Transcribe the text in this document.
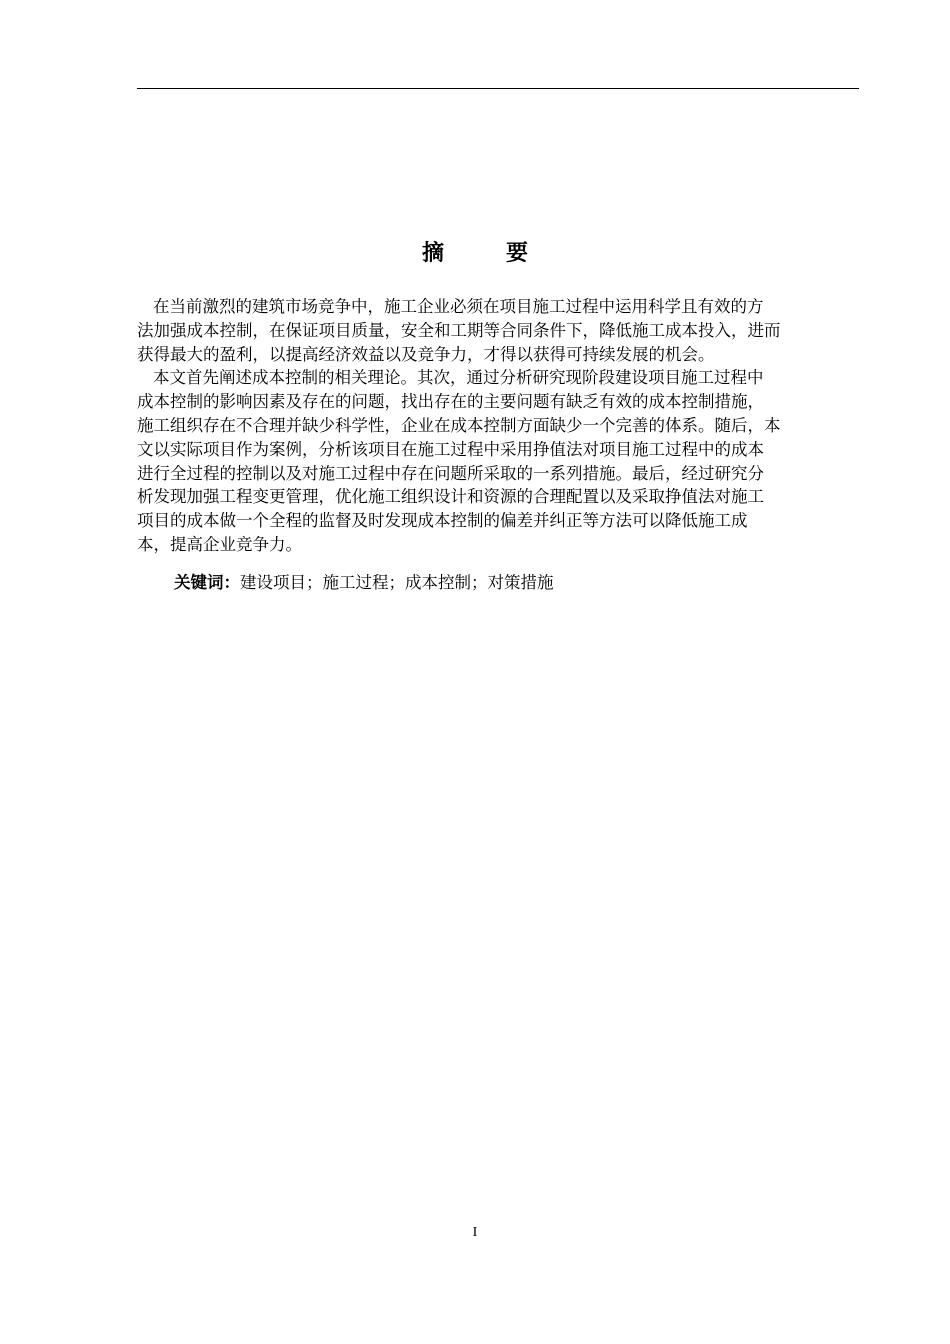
摘　要

在当前激烈的建筑市场竞争中，施工企业必须在项目施工过程中运用科学且有效的方
法加强成本控制，在保证项目质量，安全和工期等合同条件下，降低施工成本投入，进而
获得最大的盈利，以提高经济效益以及竞争力，才得以获得可持续发展的机会。

本文首先阐述成本控制的相关理论。其次，通过分析研究现阶段建设项目施工过程中
成本控制的影响因素及存在的问题，找出存在的主要问题有缺乏有效的成本控制措施，
施工组织存在不合理并缺少科学性，企业在成本控制方面缺少一个完善的体系。随后，本
文以实际项目作为案例，分析该项目在施工过程中采用挣值法对项目施工过程中的成本
进行全过程的控制以及对施工过程中存在问题所采取的一系列措施。最后，经过研究分
析发现加强工程变更管理，优化施工组织设计和资源的合理配置以及采取挣值法对施工
项目的成本做一个全程的监督及时发现成本控制的偏差并纠正等方法可以降低施工成
本，提高企业竞争力。

关键词：建设项目；施工过程；成本控制；对策措施
I
